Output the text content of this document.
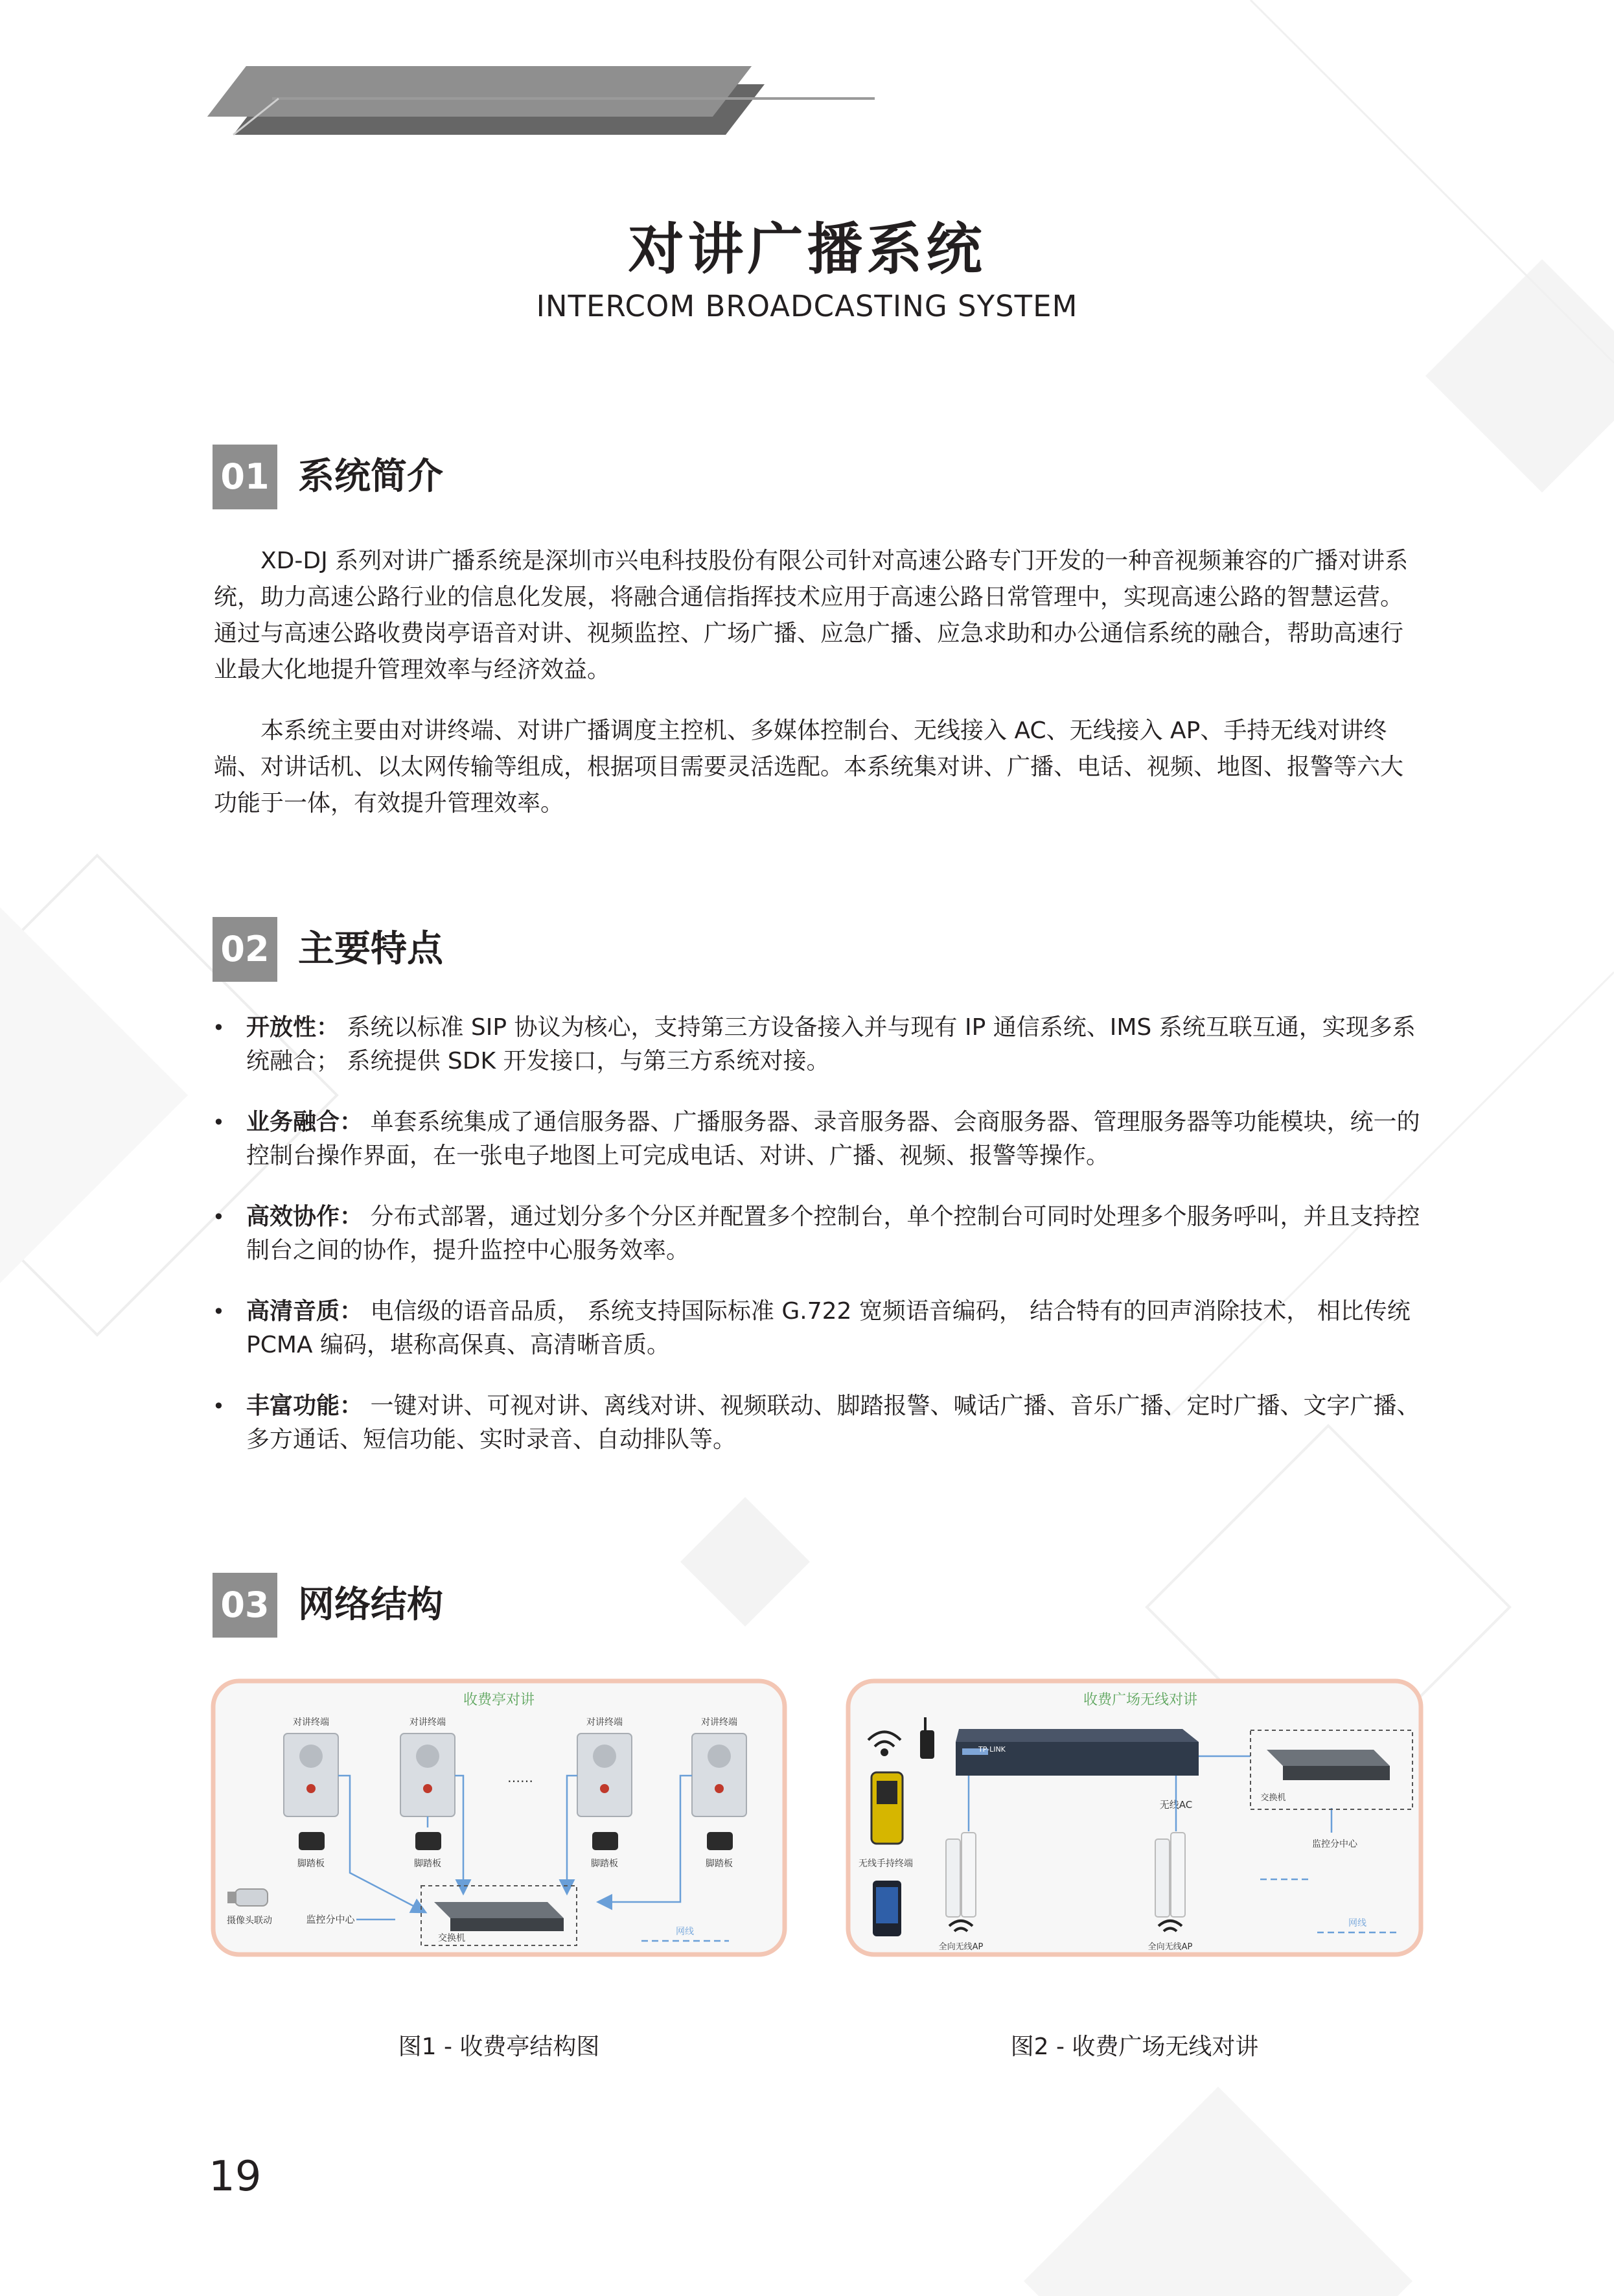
对讲广播系统
INTERCOM BROADCASTING SYSTEM
01 系统简介

XD-DJ 系列对讲广播系统是深圳市兴电科技股份有限公司针对高速公路专门开发的一种音视频兼容的广播对讲系统，助力高速公路行业的信息化发展，将融合通信指挥技术应用于高速公路日常管理中，实现高速公路的智慧运营。通过与高速公路收费岗亭语音对讲、视频监控、广场广播、应急广播、应急求助和办公通信系统的融合，帮助高速行业最大化地提升管理效率与经济效益。

本系统主要由对讲终端、对讲广播调度主控机、多媒体控制台、无线接入 AC、无线接入 AP、手持无线对讲终端、对讲话机、以太网传输等组成，根据项目需要灵活选配。本系统集对讲、广播、电话、视频、地图、报警等六大功能于一体，有效提升管理效率。

02 主要特点
• 开放性： 系统以标准 SIP 协议为核心，支持第三方设备接入并与现有 IP 通信系统、IMS 系统互联互通，实现多系统融合； 系统提供 SDK 开发接口，与第三方系统对接。
• 业务融合： 单套系统集成了通信服务器、广播服务器、录音服务器、会商服务器、管理服务器等功能模块，统一的控制台操作界面，在一张电子地图上可完成电话、对讲、广播、视频、报警等操作。
• 高效协作： 分布式部署，通过划分多个分区并配置多个控制台，单个控制台可同时处理多个服务呼叫，并且支持控制台之间的协作，提升监控中心服务效率。
• 高清音质： 电信级的语音品质， 系统支持国际标准 G.722 宽频语音编码， 结合特有的回声消除技术， 相比传统 PCMA 编码，堪称高保真、高清晰音质。
• 丰富功能： 一键对讲、可视对讲、离线对讲、视频联动、脚踏报警、喊话广播、音乐广播、定时广播、文字广播、多方通话、短信功能、实时录音、自动排队等。
03 网络结构
收费亭对讲
对讲终端
脚踏板
对讲终端
脚踏板
……
对讲终端
脚踏板
对讲终端
脚踏板
交换机
监控分中心
摄像头联动
网线
图1 - 收费亭结构图
收费广场无线对讲
TP-LINK
无线AC
无线手持终端
全向无线AP	全向无线AP
交换机
监控分中心
网线
图2 - 收费广场无线对讲
19
